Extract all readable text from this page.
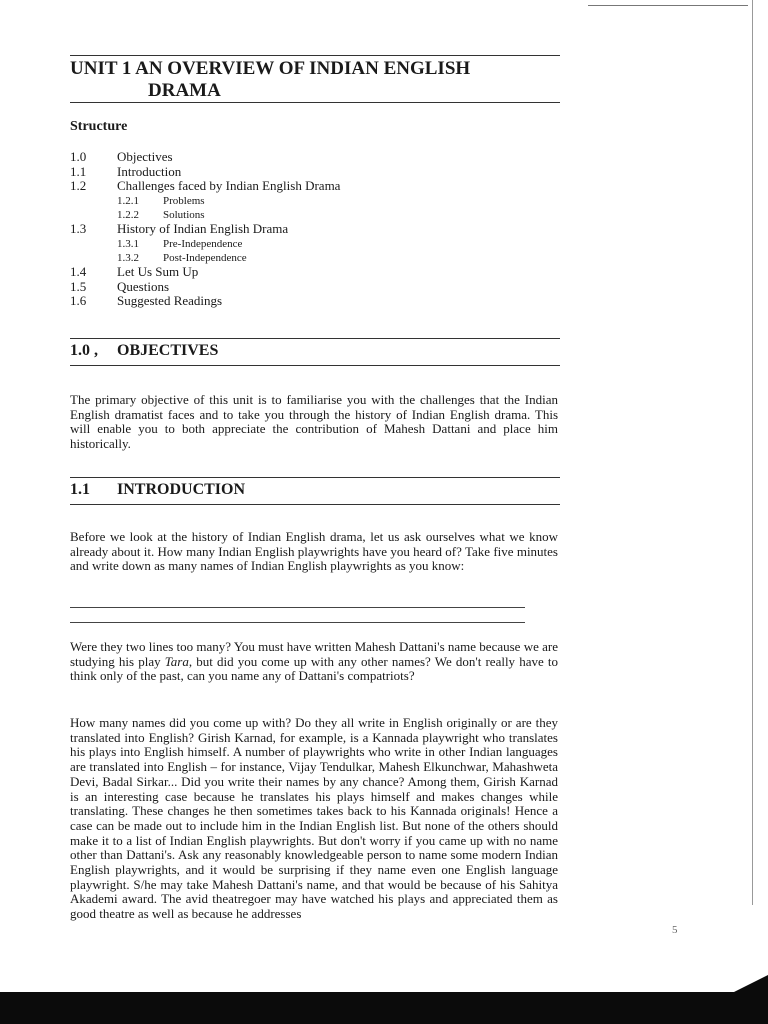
UNIT 1 AN OVERVIEW OF INDIAN ENGLISH
DRAMA
Structure
1.0 Objectives
1.1 Introduction
1.2 Challenges faced by Indian English Drama
1.2.1 Problems
1.2.2 Solutions
1.3 History of Indian English Drama
1.3.1 Pre-Independence
1.3.2 Post-Independence
1.4 Let Us Sum Up
1.5 Questions
1.6 Suggested Readings
1.0 , OBJECTIVES

The primary objective of this unit is to familiarise you with the challenges that the Indian English dramatist faces and to take you through the history of Indian English drama. This will enable you to both appreciate the contribution of Mahesh Dattani and place him historically.

1.1 INTRODUCTION

Before we look at the history of Indian English drama, let us ask ourselves what we know already about it. How many Indian English playwrights have you heard of? Take five minutes and write down as many names of Indian English playwrights as you know:

Were they two lines too many? You must have written Mahesh Dattani's name because we are studying his play Tara, but did you come up with any other names? We don't really have to think only of the past, can you name any of Dattani's compatriots?

How many names did you come up with? Do they all write in English originally or are they translated into English? Girish Karnad, for example, is a Kannada playwright who translates his plays into English himself. A number of playwrights who write in other Indian languages are translated into English – for instance, Vijay Tendulkar, Mahesh Elkunchwar, Mahashweta Devi, Badal Sirkar... Did you write their names by any chance? Among them, Girish Karnad is an interesting case because he translates his plays himself and makes changes while translating. These changes he then sometimes takes back to his Kannada originals! Hence a case can be made out to include him in the Indian English list. But none of the others should make it to a list of Indian English playwrights. But don't worry if you came up with no name other than Dattani's. Ask any reasonably knowledgeable person to name some modern Indian English playwrights, and it would be surprising if they name even one English language playwright. S/he may take Mahesh Dattani's name, and that would be because of his Sahitya Akademi award. The avid theatregoer may have watched his plays and appreciated them as good theatre as well as because he addresses

5
